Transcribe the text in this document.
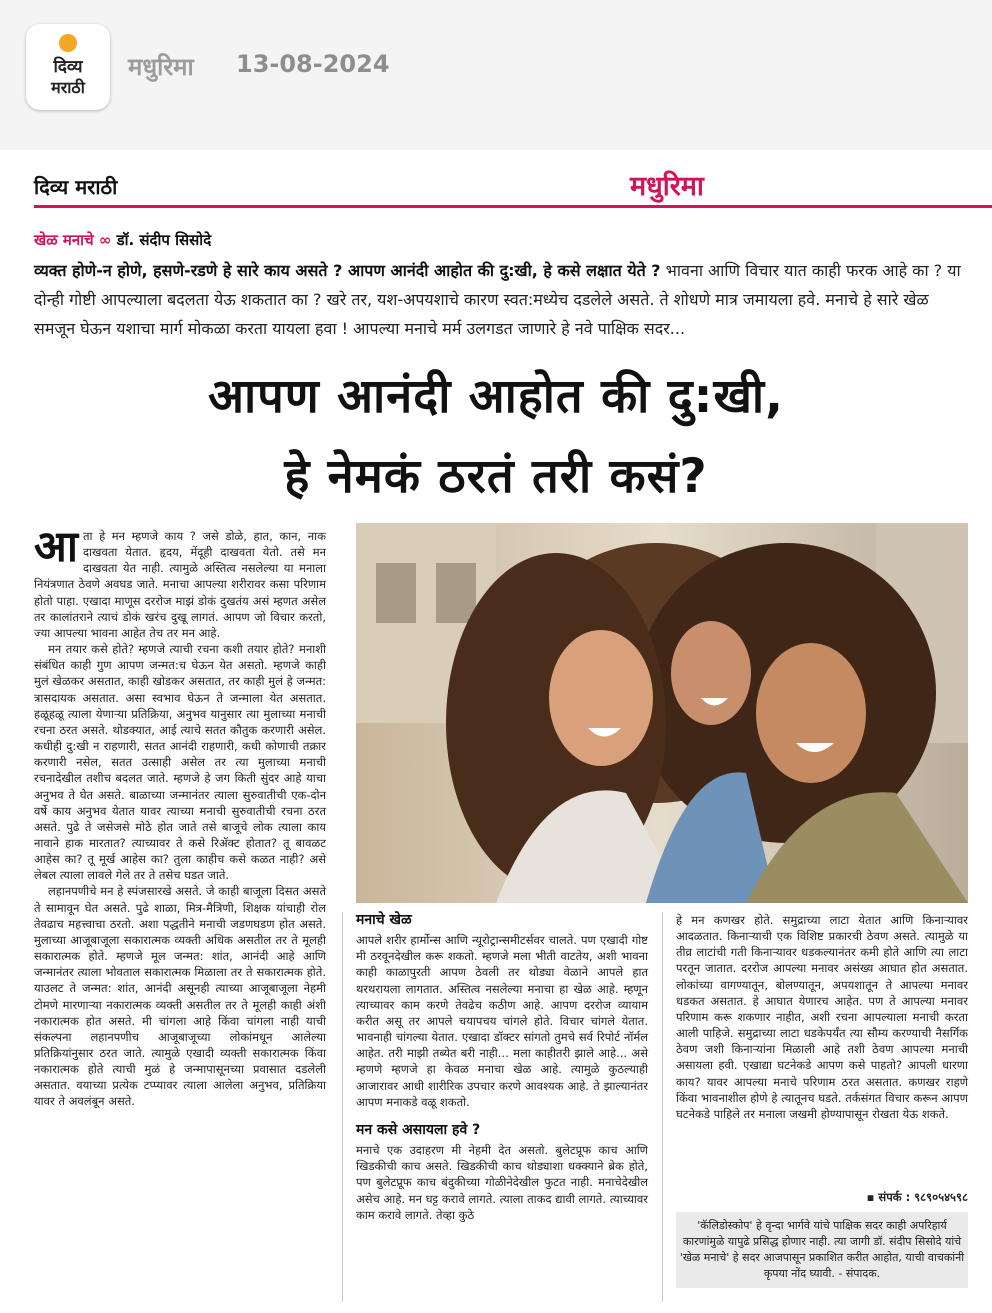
दिव्य
मराठी
मधुरिमा 13-08-2024
दिव्य मराठी	मधुरिमा
खेळ मनाचे ∞ डॉ. संदीप सिसोदे
व्यक्त होणे-न होणे, हसणे-रडणे हे सारे काय असते ? आपण आनंदी आहोत की दु:खी, हे कसे लक्षात येते ? भावना आणि विचार यात काही फरक आहे का ? या दोन्ही गोष्टी आपल्याला बदलता येऊ शकतात का ? खरे तर, यश-अपयशाचे कारण स्वत:मध्येच दडलेले असते. ते शोधणे मात्र जमायला हवे. मनाचे हे सारे खेळ समजून घेऊन यशाचा मार्ग मोकळा करता यायला हवा ! आपल्या मनाचे मर्म उलगडत जाणारे हे नवे पाक्षिक सदर...
आपण आनंदी आहोत की दु:खी,
हे नेमकं ठरतं तरी कसं?

आता हे मन म्हणजे काय ? जसे डोळे, हात, कान, नाक दाखवता येतात. हृदय, मेंदूही दाखवता येतो. तसे मन दाखवता येत नाही. त्यामुळे अस्तित्व नसलेल्या या मनाला नियंत्रणात ठेवणे अवघड जाते. मनाचा आपल्या शरीरावर कसा परिणाम होतो पाहा. एखादा माणूस दररोज माझं डोकं दुखतंय असं म्हणत असेल तर कालांतराने त्याचं डोकं खरंच दुखू लागतं. आपण जो विचार करतो, ज्या आपल्या भावना आहेत तेच तर मन आहे.

मन तयार कसे होते? म्हणजे त्याची रचना कशी तयार होते? मनाशी संबंधित काही गुण आपण जन्मत:च घेऊन येत असतो. म्हणजे काही मुलं खेळकर असतात, काही खोडकर असतात, तर काही मुलं हे जन्मत: त्रासदायक असतात. असा स्वभाव घेऊन ते जन्माला येत असतात. हळूहळू त्याला येणाऱ्या प्रतिक्रिया, अनुभव यानुसार त्या मुलाच्या मनाची रचना ठरत असते. थोडक्यात, आई त्याचे सतत कौतुक करणारी असेल. कधीही दु:खी न राहणारी, सतत आनंदी राहणारी, कधी कोणाची तक्रार करणारी नसेल, सतत उत्साही असेल तर त्या मुलाच्या मनाची रचनादेखील तशीच बदलत जाते. म्हणजे हे जग किती सुंदर आहे याचा अनुभव ते घेत असते. बाळाच्या जन्मानंतर त्याला सुरुवातीची एक-दोन वर्षे काय अनुभव येतात यावर त्याच्या मनाची सुरुवातीची रचना ठरत असते. पुढे ते जसेजसे मोठे होत जाते तसे बाजूचे लोक त्याला काय नावाने हाक मारतात? त्याच्यावर ते कसे रिॲक्ट होतात? तू बावळट आहेस का? तू मूर्ख आहेस का? तुला काहीच कसे कळत नाही? असे लेबल त्याला लावले गेले तर ते तसेच घडत जाते.

लहानपणीचे मन हे स्पंजसारखे असते. जे काही बाजूला दिसत असते ते सामावून घेत असते. पुढे शाळा, मित्र-मैत्रिणी, शिक्षक यांचाही रोल तेवढाच महत्त्वाचा ठरतो. अशा पद्धतीने मनाची जडणघडण होत असते. मुलाच्या आजूबाजूला सकारात्मक व्यक्ती अधिक असतील तर ते मूलही सकारात्मक होते. म्हणजे मूल जन्मत: शांत, आनंदी आहे आणि जन्मानंतर त्याला भोवताल सकारात्मक मिळाला तर ते सकारात्मक होते. याउलट ते जन्मत: शांत, आनंदी असूनही त्याच्या आजूबाजूला नेहमी टोमणे मारणाऱ्या नकारात्मक व्यक्ती असतील तर ते मूलही काही अंशी नकारात्मक होत असते. मी चांगला आहे किंवा चांगला नाही याची संकल्पना लहानपणीच आजूबाजूच्या लोकांमधून आलेल्या प्रतिक्रियांनुसार ठरत जाते. त्यामुळे एखादी व्यक्ती सकारात्मक किंवा नकारात्मक होते त्याची मुळं हे जन्मापासूनच्या प्रवासात दडलेली असतात. वयाच्या प्रत्येक टप्प्यावर त्याला आलेला अनुभव, प्रतिक्रिया यावर ते अवलंबून असते.

मनाचे खेळ

आपले शरीर हार्मोन्स आणि न्यूरोट्रान्समीटर्सवर चालते. पण एखादी गोष्ट मी ठरवूनदेखील करू शकतो. म्हणजे मला भीती वाटतेय, अशी भावना काही काळापुरती आपण ठेवली तर थोड्या वेळाने आपले हात थरथरायला लागतात. अस्तित्व नसलेल्या मनाचा हा खेळ आहे. म्हणून त्याच्यावर काम करणे तेवढेच कठीण आहे. आपण दररोज व्यायाम करीत असू तर आपले चयापचय चांगले होते. विचार चांगले येतात. भावनाही चांगल्या येतात. एखादा डॉक्टर सांगतो तुमचे सर्व रिपोर्ट नॉर्मल आहेत. तरी माझी तब्येत बरी नाही... मला काहीतरी झाले आहे... असे म्हणणे म्हणजे हा केवळ मनाचा खेळ आहे. त्यामुळे कुठल्याही आजारावर आधी शारीरिक उपचार करणे आवश्यक आहे. ते झाल्यानंतर आपण मनाकडे वळू शकतो.

मन कसे असायला हवे ?

मनाचे एक उदाहरण मी नेहमी देत असतो. बुलेटप्रूफ काच आणि खिडकीची काच असते. खिडकीची काच थोड्याशा धक्क्याने ब्रेक होते, पण बुलेटप्रूफ काच बंदुकीच्या गोळीनेदेखील फुटत नाही. मनाचेदेखील असेच आहे. मन घट्ट करावे लागते. त्याला ताकद द्यावी लागते. त्याच्यावर काम करावे लागते. तेव्हा कुठे

हे मन कणखर होते. समुद्राच्या लाटा येतात आणि किनाऱ्यावर आदळतात. किनाऱ्याची एक विशिष्ट प्रकारची ठेवण असते. त्यामुळे या तीव्र लाटांची गती किनाऱ्यावर धडकल्यानंतर कमी होते आणि त्या लाटा परतून जातात. दररोज आपल्या मनावर असंख्य आघात होत असतात. लोकांच्या वागण्यातून, बोलण्यातून, अपयशातून ते आपल्या मनावर धडकत असतात. हे आघात येणारच आहेत. पण ते आपल्या मनावर परिणाम करू शकणार नाहीत, अशी रचना आपल्याला मनाची करता आली पाहिजे. समुद्राच्या लाटा धडकेपर्यंत त्या सौम्य करण्याची नैसर्गिक ठेवण जशी किनाऱ्यांना मिळाली आहे तशी ठेवण आपल्या मनाची असायला हवी. एखाद्या घटनेकडे आपण कसे पाहतो? आपली धारणा काय? यावर आपल्या मनाचे परिणाम ठरत असतात. कणखर राहणे किंवा भावनाशील होणे हे त्यातूनच घडते. तर्कसंगत विचार करून आपण घटनेकडे पाहिले तर मनाला जखमी होण्यापासून रोखता येऊ शकते.

▪ संपर्क : ९८९०५४५९८
'कॅलिडोस्कोप' हे वृन्दा भार्गवे यांचे पाक्षिक सदर काही अपरिहार्य कारणांमुळे यापुढे प्रसिद्ध होणार नाही. त्या जागी डॉ. संदीप सिसोदे यांचे 'खेळ मनाचे' हे सदर आजपासून प्रकाशित करीत आहोत, याची वाचकांनी कृपया नोंद घ्यावी. - संपादक.
